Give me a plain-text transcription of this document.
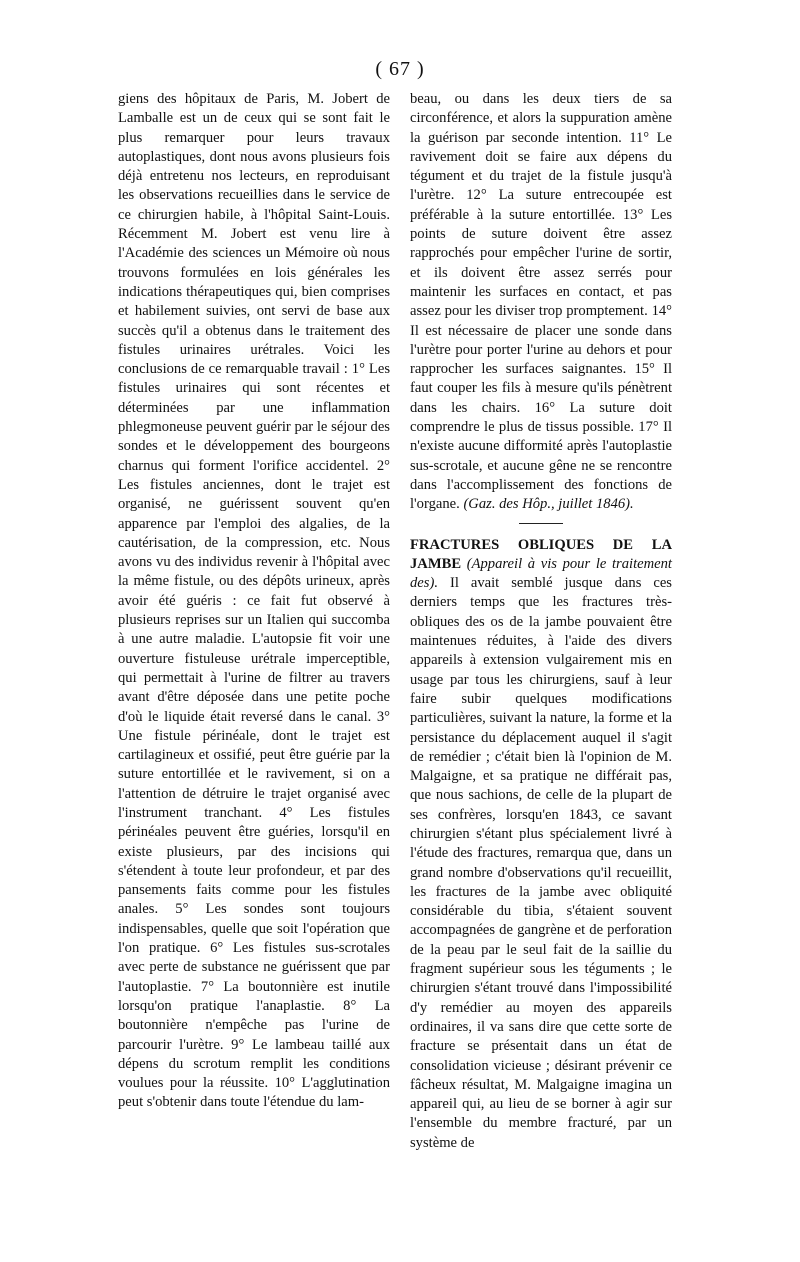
( 67 )

giens des hôpitaux de Paris, M. Jobert de Lamballe est un de ceux qui se sont fait le plus remarquer pour leurs travaux autoplastiques, dont nous avons plusieurs fois déjà entretenu nos lecteurs, en reproduisant les observations recueillies dans le service de ce chirurgien habile, à l'hôpital Saint-Louis. Récemment M. Jobert est venu lire à l'Académie des sciences un Mémoire où nous trouvons formulées en lois générales les indications thérapeutiques qui, bien comprises et habilement suivies, ont servi de base aux succès qu'il a obtenus dans le traitement des fistules urinaires urétrales. Voici les conclusions de ce remarquable travail : 1° Les fistules urinaires qui sont récentes et déterminées par une inflammation phlegmoneuse peuvent guérir par le séjour des sondes et le développement des bourgeons charnus qui forment l'orifice accidentel. 2° Les fistules anciennes, dont le trajet est organisé, ne guérissent souvent qu'en apparence par l'emploi des algalies, de la cautérisation, de la compression, etc. Nous avons vu des individus revenir à l'hôpital avec la même fistule, ou des dépôts urineux, après avoir été guéris : ce fait fut observé à plusieurs reprises sur un Italien qui succomba à une autre maladie. L'autopsie fit voir une ouverture fistuleuse urétrale imperceptible, qui permettait à l'urine de filtrer au travers avant d'être déposée dans une petite poche d'où le liquide était reversé dans le canal. 3° Une fistule périnéale, dont le trajet est cartilagineux et ossifié, peut être guérie par la suture entortillée et le ravivement, si on a l'attention de détruire le trajet organisé avec l'instrument tranchant. 4° Les fistules périnéales peuvent être guéries, lorsqu'il en existe plusieurs, par des incisions qui s'étendent à toute leur profondeur, et par des pansements faits comme pour les fistules anales. 5° Les sondes sont toujours indispensables, quelle que soit l'opération que l'on pratique. 6° Les fistules sus-scrotales avec perte de substance ne guérissent que par l'autoplastie. 7° La boutonnière est inutile lorsqu'on pratique l'anaplastie. 8° La boutonnière n'empêche pas l'urine de parcourir l'urètre. 9° Le lambeau taillé aux dépens du scrotum remplit les conditions voulues pour la réussite. 10° L'agglutination peut s'obtenir dans toute l'étendue du lam-

beau, ou dans les deux tiers de sa circonférence, et alors la suppuration amène la guérison par seconde intention. 11° Le ravivement doit se faire aux dépens du tégument et du trajet de la fistule jusqu'à l'urètre. 12° La suture entrecoupée est préférable à la suture entortillée. 13° Les points de suture doivent être assez rapprochés pour empêcher l'urine de sortir, et ils doivent être assez serrés pour maintenir les surfaces en contact, et pas assez pour les diviser trop promptement. 14° Il est nécessaire de placer une sonde dans l'urètre pour porter l'urine au dehors et pour rapprocher les surfaces saignantes. 15° Il faut couper les fils à mesure qu'ils pénètrent dans les chairs. 16° La suture doit comprendre le plus de tissus possible. 17° Il n'existe aucune difformité après l'autoplastie sus-scrotale, et aucune gêne ne se rencontre dans l'accomplissement des fonctions de l'organe. (Gaz. des Hôp., juillet 1846).

FRACTURES OBLIQUES DE LA JAMBE (Appareil à vis pour le traitement des). Il avait semblé jusque dans ces derniers temps que les fractures très-obliques des os de la jambe pouvaient être maintenues réduites, à l'aide des divers appareils à extension vulgairement mis en usage par tous les chirurgiens, sauf à leur faire subir quelques modifications particulières, suivant la nature, la forme et la persistance du déplacement auquel il s'agit de remédier ; c'était bien là l'opinion de M. Malgaigne, et sa pratique ne différait pas, que nous sachions, de celle de la plupart de ses confrères, lorsqu'en 1843, ce savant chirurgien s'étant plus spécialement livré à l'étude des fractures, remarqua que, dans un grand nombre d'observations qu'il recueillit, les fractures de la jambe avec obliquité considérable du tibia, s'étaient souvent accompagnées de gangrène et de perforation de la peau par le seul fait de la saillie du fragment supérieur sous les téguments ; le chirurgien s'étant trouvé dans l'impossibilité d'y remédier au moyen des appareils ordinaires, il va sans dire que cette sorte de fracture se présentait dans un état de consolidation vicieuse ; désirant prévenir ce fâcheux résultat, M. Malgaigne imagina un appareil qui, au lieu de se borner à agir sur l'ensemble du membre fracturé, par un système de
